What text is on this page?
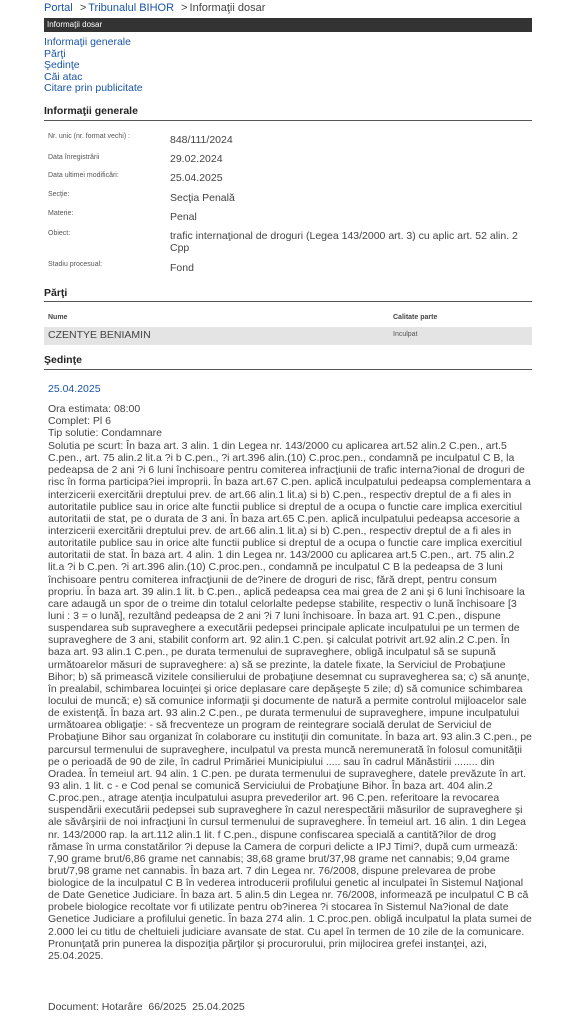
Portal > Tribunalul BIHOR > Informaţii dosar
Informaţii dosar
Informaţii generale
Părţi
Şedinţe
Căi atac
Citare prin publicitate
Informaţii generale
Nr. unic (nr. format vechi) :	848/111/2024
Data înregistrării	29.02.2024
Data ultimei modificări:	25.04.2025
Secţie:	Secţia Penală
Materie:	Penal
Obiect:	trafic internaţional de droguri (Legea 143/2000 art. 3) cu aplic art. 52 alin. 2 Cpp
Stadiu procesual:	Fond
Părţi
Nume	Calitate parte
CZENTYE BENIAMIN	Inculpat
Şedinţe
25.04.2025
Ora estimata: 08:00
Complet: Pl 6
Tip solutie: Condamnare
Solutia pe scurt: În baza art. 3 alin. 1 din Legea nr. 143/2000 cu aplicarea art.52 alin.2 C.pen., art.5 C.pen., art. 75 alin.2 lit.a ?i b C.pen., ?i art.396 alin.(10) C.proc.pen., condamnă pe inculpatul C B, la pedeapsa de 2 ani ?i 6 luni închisoare pentru comiterea infracţiunii de trafic interna?ional de droguri de risc în forma participa?iei improprii. În baza art.67 C.pen. aplică inculpatului pedeapsa complementara a interzicerii exercitării dreptului prev. de art.66 alin.1 lit.a) si b) C.pen., respectiv dreptul de a fi ales in autoritatile publice sau in orice alte functii publice si dreptul de a ocupa o functie care implica exercitiul autoritatii de stat, pe o durata de 3 ani. În baza art.65 C.pen. aplică inculpatului pedeapsa accesorie a interzicerii exercitării dreptului prev. de art.66 alin.1 lit.a) si b) C.pen., respectiv dreptul de a fi ales in autoritatile publice sau in orice alte functii publice si dreptul de a ocupa o functie care implica exercitiul autoritatii de stat. În baza art. 4 alin. 1 din Legea nr. 143/2000 cu aplicarea art.5 C.pen., art. 75 alin.2 lit.a ?i b C.pen. ?i art.396 alin.(10) C.proc.pen., condamnă pe inculpatul C B la pedeapsa de 3 luni închisoare pentru comiterea infracţiunii de de?inere de droguri de risc, fără drept, pentru consum propriu. În baza art. 39 alin.1 lit. b C.pen., aplică pedeapsa cea mai grea de 2 ani şi 6 luni închisoare la care adaugă un spor de o treime din totalul celorlalte pedepse stabilite, respectiv o lună închisoare [3 luni : 3 = o lună], rezultând pedeapsa de 2 ani ?i 7 luni închisoare. În baza art. 91 C.pen., dispune suspendarea sub supraveghere a executării pedepsei principale aplicate inculpatului pe un termen de supraveghere de 3 ani, stabilit conform art. 92 alin.1 C.pen. şi calculat potrivit art.92 alin.2 C.pen. În baza art. 93 alin.1 C.pen., pe durata termenului de supraveghere, obligă inculpatul să se supună următoarelor măsuri de supraveghere: a) să se prezinte, la datele fixate, la Serviciul de Probaţiune Bihor; b) să primească vizitele consilierului de probaţiune desemnat cu supravegherea sa; c) să anunţe, în prealabil, schimbarea locuinţei şi orice deplasare care depăşeşte 5 zile; d) să comunice schimbarea locului de muncă; e) să comunice informaţii şi documente de natură a permite controlul mijloacelor sale de existenţă. În baza art. 93 alin.2 C.pen., pe durata termenului de supraveghere, impune inculpatului următoarea obligaţie: - să frecventeze un program de reintegrare socială derulat de Serviciul de Probaţiune Bihor sau organizat în colaborare cu instituţii din comunitate. În baza art. 93 alin.3 C.pen., pe parcursul termenului de supraveghere, inculpatul va presta muncă neremunerată în folosul comunităţii pe o perioadă de 90 de zile, în cadrul Primăriei Municipiului ..... sau în cadrul Mănăstirii ........ din Oradea. În temeiul art. 94 alin. 1 C.pen. pe durata termenului de supraveghere, datele prevăzute în art. 93 alin. 1 lit. c - e Cod penal se comunică Serviciului de Probaţiune Bihor. În baza art. 404 alin.2 C.proc.pen., atrage atenţia inculpatului asupra prevederilor art. 96 C.pen. referitoare la revocarea suspendării executării pedepsei sub supraveghere în cazul nerespectării măsurilor de supraveghere şi ale săvârşirii de noi infracţiuni în cursul termenului de supraveghere. În temeiul art. 16 alin. 1 din Legea nr. 143/2000 rap. la art.112 alin.1 lit. f C.pen., dispune confiscarea specială a cantită?ilor de drog rămase în urma constatărilor ?i depuse la Camera de corpuri delicte a IPJ Timi?, după cum urmează: 7,90 grame brut/6,86 grame net cannabis; 38,68 grame brut/37,98 grame net cannabis; 9,04 grame brut/7,98 grame net cannabis. În baza art. 7 din Legea nr. 76/2008, dispune prelevarea de probe biologice de la inculpatul C B în vederea introducerii profilului genetic al inculpatei în Sistemul Naţional de Date Genetice Judiciare. În baza art. 5 alin.5 din Legea nr. 76/2008, informează pe inculpatul C B că probele biologice recoltate vor fi utilizate pentru ob?inerea ?i stocarea în Sistemul Na?ional de date Genetice Judiciare a profilului genetic. În baza 274 alin. 1 C.proc.pen. obligă inculpatul la plata sumei de 2.000 lei cu titlu de cheltuieli judiciare avansate de stat. Cu apel în termen de 10 zile de la comunicare. Pronunţată prin punerea la dispoziţia părţilor şi procurorului, prin mijlocirea grefei instanţei, azi, 25.04.2025.
Document: Hotarâre  66/2025  25.04.2025
